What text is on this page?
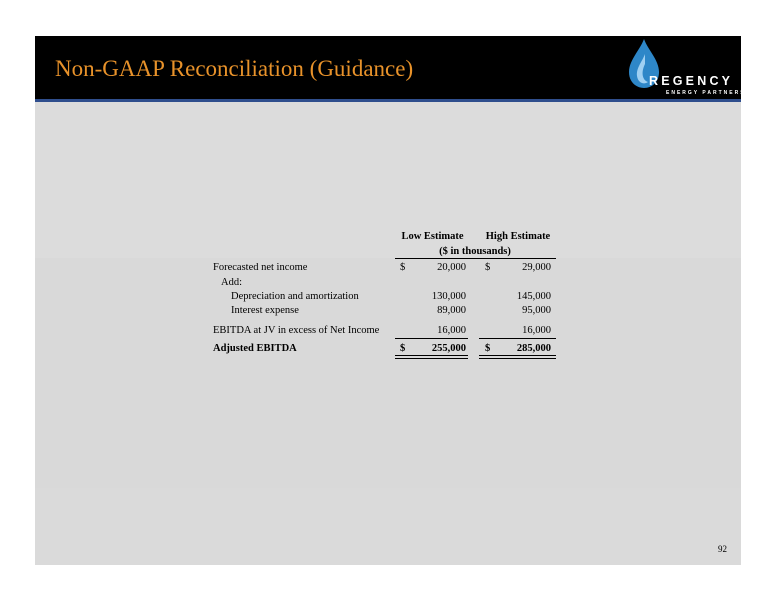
Non-GAAP Reconciliation (Guidance)	REGENCY
ENERGY PARTNERS
Low Estimate	High Estimate
($ in thousands)
Forecasted net income	$	20,000 $	29,000
Add:
Depreciation and amortization	130,000	145,000
Interest expense	89,000	95,000
EBITDA at JV in excess of Net Income	16,000	16,000
Adjusted EBITDA	$	255,000 $	285,000
92
